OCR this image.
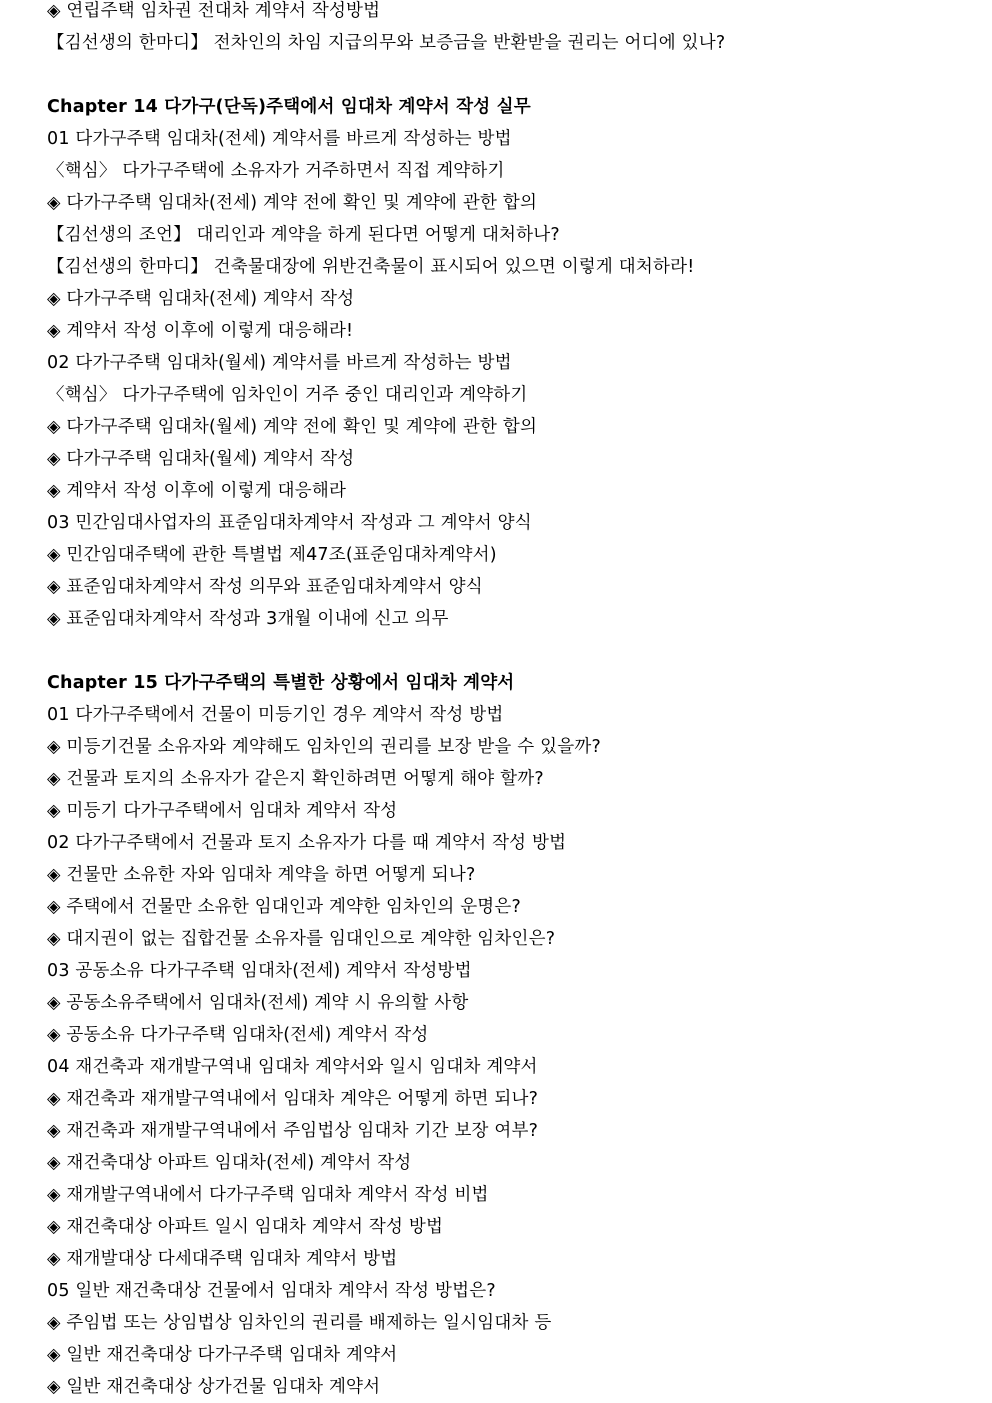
◈ 연립주택 임차권 전대차 계약서 작성방법
【김선생의 한마디】 전차인의 차임 지급의무와 보증금을 반환받을 권리는 어디에 있나?
Chapter 14 다가구(단독)주택에서 임대차 계약서 작성 실무
01 다가구주택 임대차(전세) 계약서를 바르게 작성하는 방법
〈핵심〉 다가구주택에 소유자가 거주하면서 직접 계약하기
◈ 다가구주택 임대차(전세) 계약 전에 확인 및 계약에 관한 합의
【김선생의 조언】 대리인과 계약을 하게 된다면 어떻게 대처하나?
【김선생의 한마디】 건축물대장에 위반건축물이 표시되어 있으면 이렇게 대처하라!
◈ 다가구주택 임대차(전세) 계약서 작성
◈ 계약서 작성 이후에 이렇게 대응해라!
02 다가구주택 임대차(월세) 계약서를 바르게 작성하는 방법
〈핵심〉 다가구주택에 임차인이 거주 중인 대리인과 계약하기
◈ 다가구주택 임대차(월세) 계약 전에 확인 및 계약에 관한 합의
◈ 다가구주택 임대차(월세) 계약서 작성
◈ 계약서 작성 이후에 이렇게 대응해라
03 민간임대사업자의 표준임대차계약서 작성과 그 계약서 양식
◈ 민간임대주택에 관한 특별법 제47조(표준임대차계약서)
◈ 표준임대차계약서 작성 의무와 표준임대차계약서 양식
◈ 표준임대차계약서 작성과 3개월 이내에 신고 의무
Chapter 15 다가구주택의 특별한 상황에서 임대차 계약서
01 다가구주택에서 건물이 미등기인 경우 계약서 작성 방법
◈ 미등기건물 소유자와 계약해도 임차인의 권리를 보장 받을 수 있을까?
◈ 건물과 토지의 소유자가 같은지 확인하려면 어떻게 해야 할까?
◈ 미등기 다가구주택에서 임대차 계약서 작성
02 다가구주택에서 건물과 토지 소유자가 다를 때 계약서 작성 방법
◈ 건물만 소유한 자와 임대차 계약을 하면 어떻게 되나?
◈ 주택에서 건물만 소유한 임대인과 계약한 임차인의 운명은?
◈ 대지권이 없는 집합건물 소유자를 임대인으로 계약한 임차인은?
03 공동소유 다가구주택 임대차(전세) 계약서 작성방법
◈ 공동소유주택에서 임대차(전세) 계약 시 유의할 사항
◈ 공동소유 다가구주택 임대차(전세) 계약서 작성
04 재건축과 재개발구역내 임대차 계약서와 일시 임대차 계약서
◈ 재건축과 재개발구역내에서 임대차 계약은 어떻게 하면 되나?
◈ 재건축과 재개발구역내에서 주임법상 임대차 기간 보장 여부?
◈ 재건축대상 아파트 임대차(전세) 계약서 작성
◈ 재개발구역내에서 다가구주택 임대차 계약서 작성 비법
◈ 재건축대상 아파트 일시 임대차 계약서 작성 방법
◈ 재개발대상 다세대주택 임대차 계약서 방법
05 일반 재건축대상 건물에서 임대차 계약서 작성 방법은?
◈ 주임법 또는 상임법상 임차인의 권리를 배제하는 일시임대차 등
◈ 일반 재건축대상 다가구주택 임대차 계약서
◈ 일반 재건축대상 상가건물 임대차 계약서
